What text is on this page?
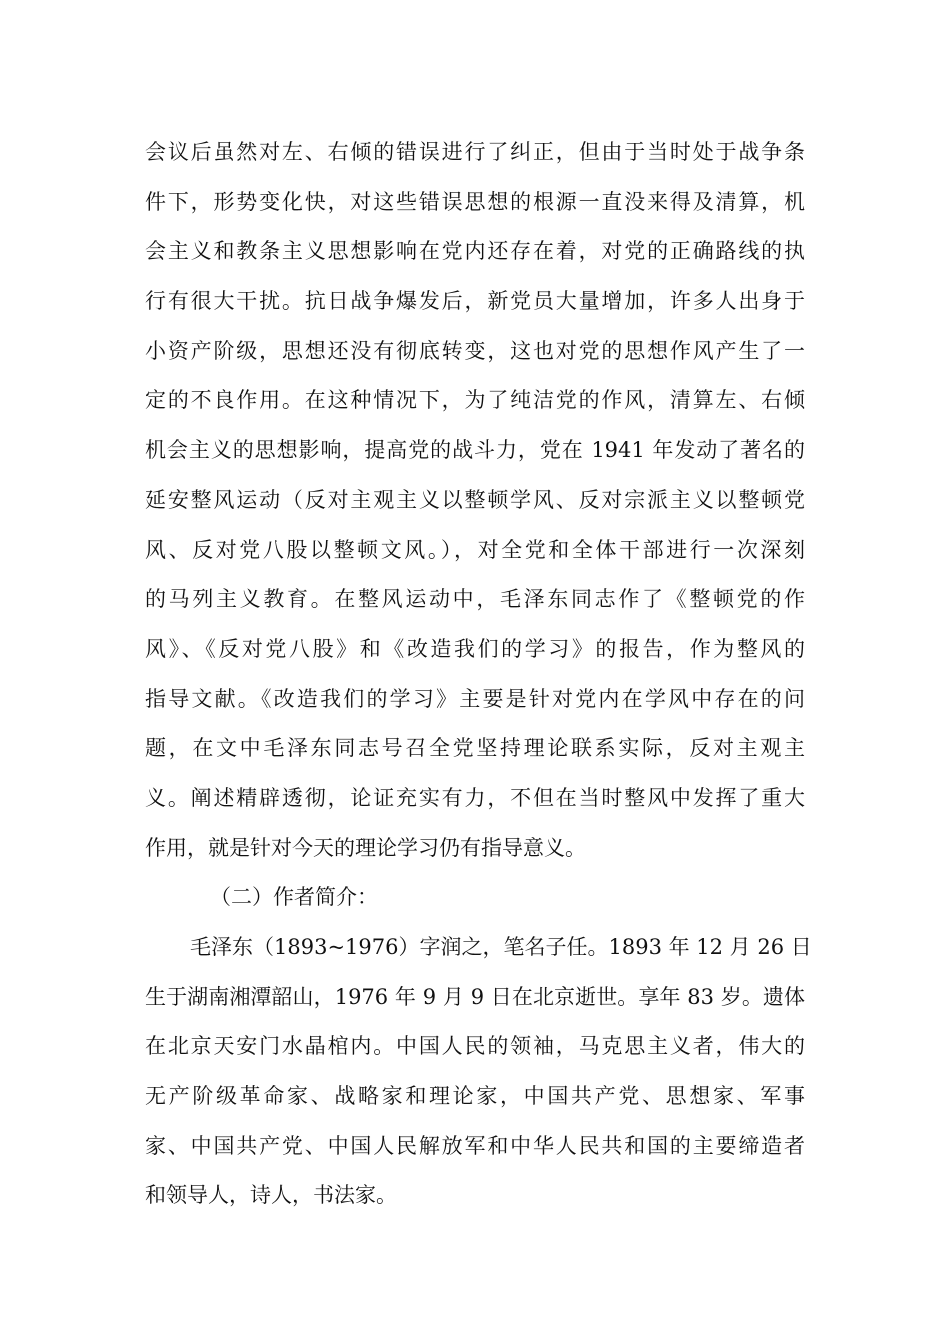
会议后虽然对左、右倾的错误进行了纠正，但由于当时处于战争条

件下，形势变化快，对这些错误思想的根源一直没来得及清算，机

会主义和教条主义思想影响在党内还存在着，对党的正确路线的执

行有很大干扰。抗日战争爆发后，新党员大量增加，许多人出身于

小资产阶级，思想还没有彻底转变，这也对党的思想作风产生了一

定的不良作用。在这种情况下，为了纯洁党的作风，清算左、右倾

机会主义的思想影响，提高党的战斗力，党在 1941 年发动了著名的

延安整风运动（反对主观主义以整顿学风、反对宗派主义以整顿党

风、反对党八股以整顿文风。），对全党和全体干部进行一次深刻

的马列主义教育。在整风运动中，毛泽东同志作了《整顿党的作

风》、《反对党八股》和《改造我们的学习》的报告，作为整风的

指导文献。《改造我们的学习》主要是针对党内在学风中存在的问

题，在文中毛泽东同志号召全党坚持理论联系实际，反对主观主

义。阐述精辟透彻，论证充实有力，不但在当时整风中发挥了重大

作用，就是针对今天的理论学习仍有指导意义。

（二）作者简介：

毛泽东（1893~1976）字润之，笔名子任。1893 年 12 月 26 日

生于湖南湘潭韶山，1976 年 9 月 9 日在北京逝世。享年 83 岁。遗体

在北京天安门水晶棺内。中国人民的领袖，马克思主义者，伟大的

无产阶级革命家、战略家和理论家，中国共产党、思想家、军事

家、中国共产党、中国人民解放军和中华人民共和国的主要缔造者

和领导人，诗人，书法家。
